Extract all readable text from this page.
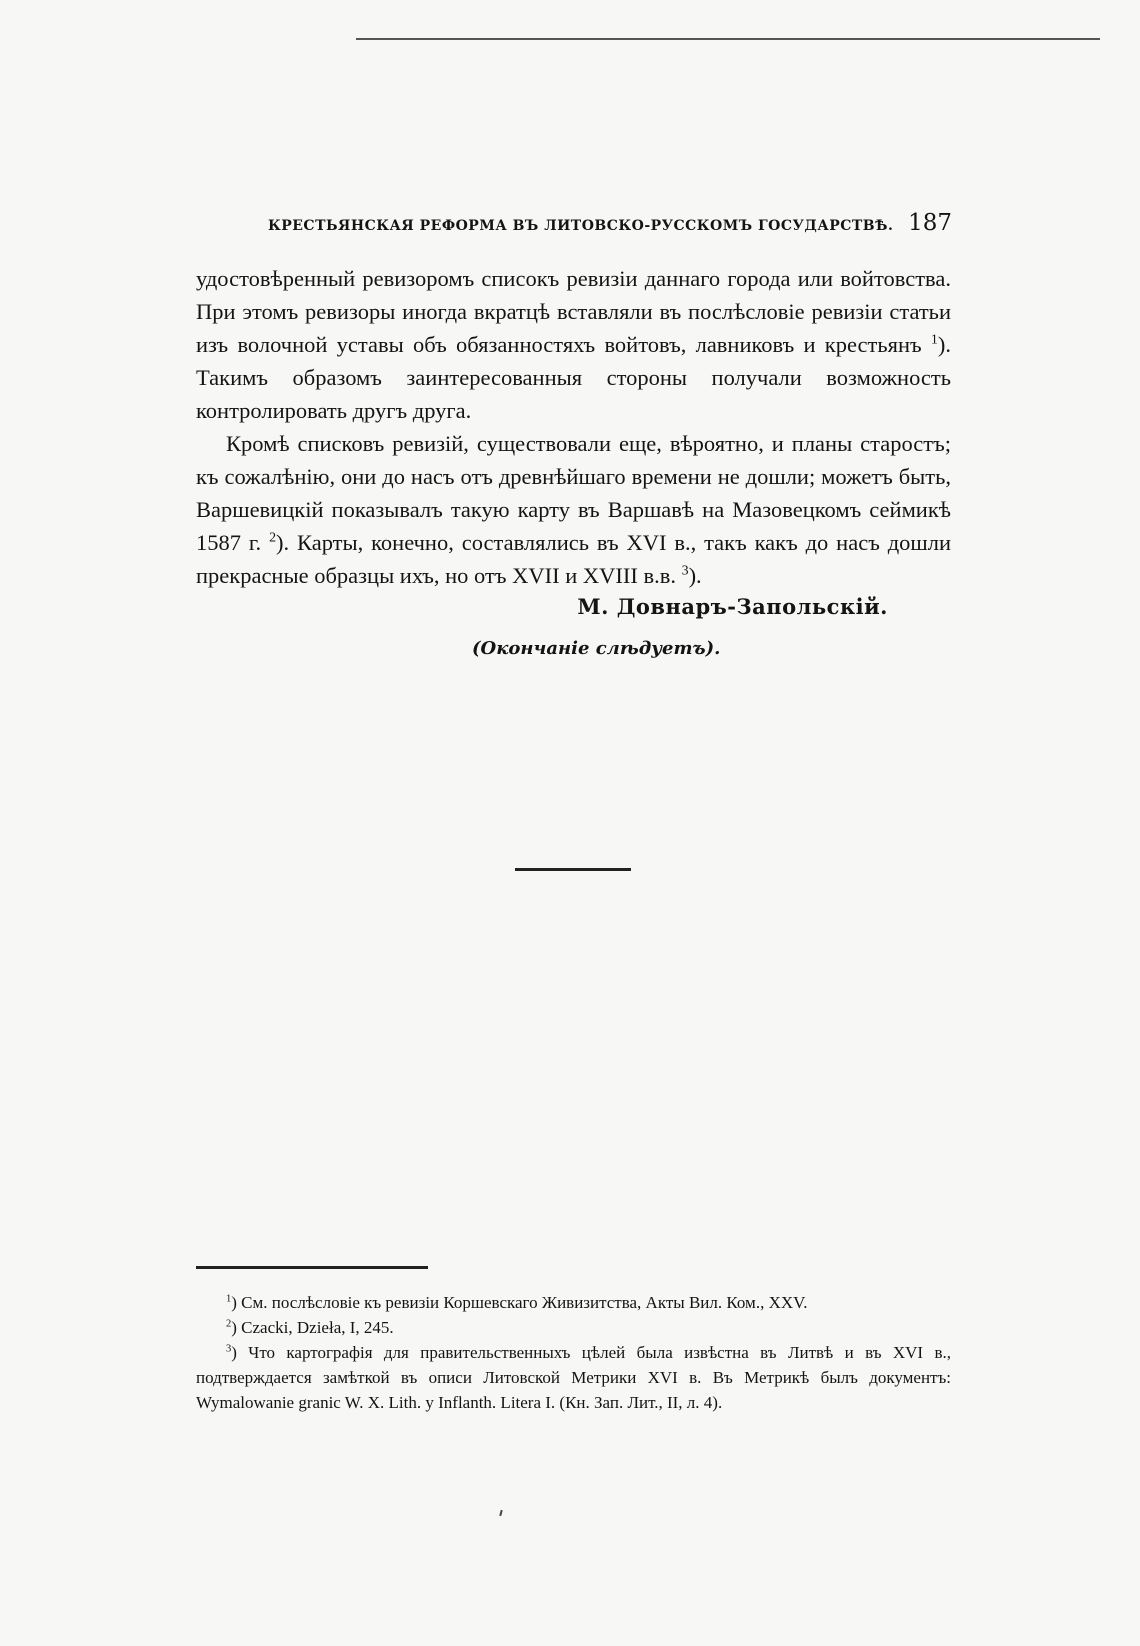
КРЕСТЬЯНСКАЯ РЕФОРМА ВЪ ЛИТОВСКО-РУССКОМЪ ГОСУДАРСТВѢ. 187

удостовѣренный ревизоромъ списокъ ревизіи даннаго города или войтовства. При этомъ ревизоры иногда вкратцѣ вставляли въ послѣсловіе ревизіи статьи изъ волочной уставы объ обязанностяхъ войтовъ, лавниковъ и крестьянъ $^1$). Такимъ образомъ заинтересованныя стороны получали возможность контролировать другъ друга.

Кромѣ списковъ ревизій, существовали еще, вѣроятно, и планы старостъ; къ сожалѣнію, они до насъ отъ древнѣйшаго времени не дошли; можетъ быть, Варшевицкій показывалъ такую карту въ Варшавѣ на Мазовецкомъ сеймикѣ 1587 г. $^2$). Карты, конечно, составлялись въ XVI в., такъ какъ до насъ дошли прекрасные образцы ихъ, но отъ XVII и XVIII в.в. $^3$).

М. Довнаръ-Запольскій.
(Окончаніе слѣдуетъ).

$^1$) См. послѣсловіе къ ревизіи Коршевскаго Живизитства, Акты Вил. Ком., XXV.

$^2$) Czacki, Dzieła, I, 245.

$^3$) Что картографія для правительственныхъ цѣлей была извѣстна въ Литвѣ и въ XVI в., подтверждается замѣткой въ описи Литовской Метрики XVI в. Въ Метрикѣ былъ документъ: Wymalowanie granic W. X. Lith. y Inflanth. Litera I. (Кн. Зап. Лит., II, л. 4).
